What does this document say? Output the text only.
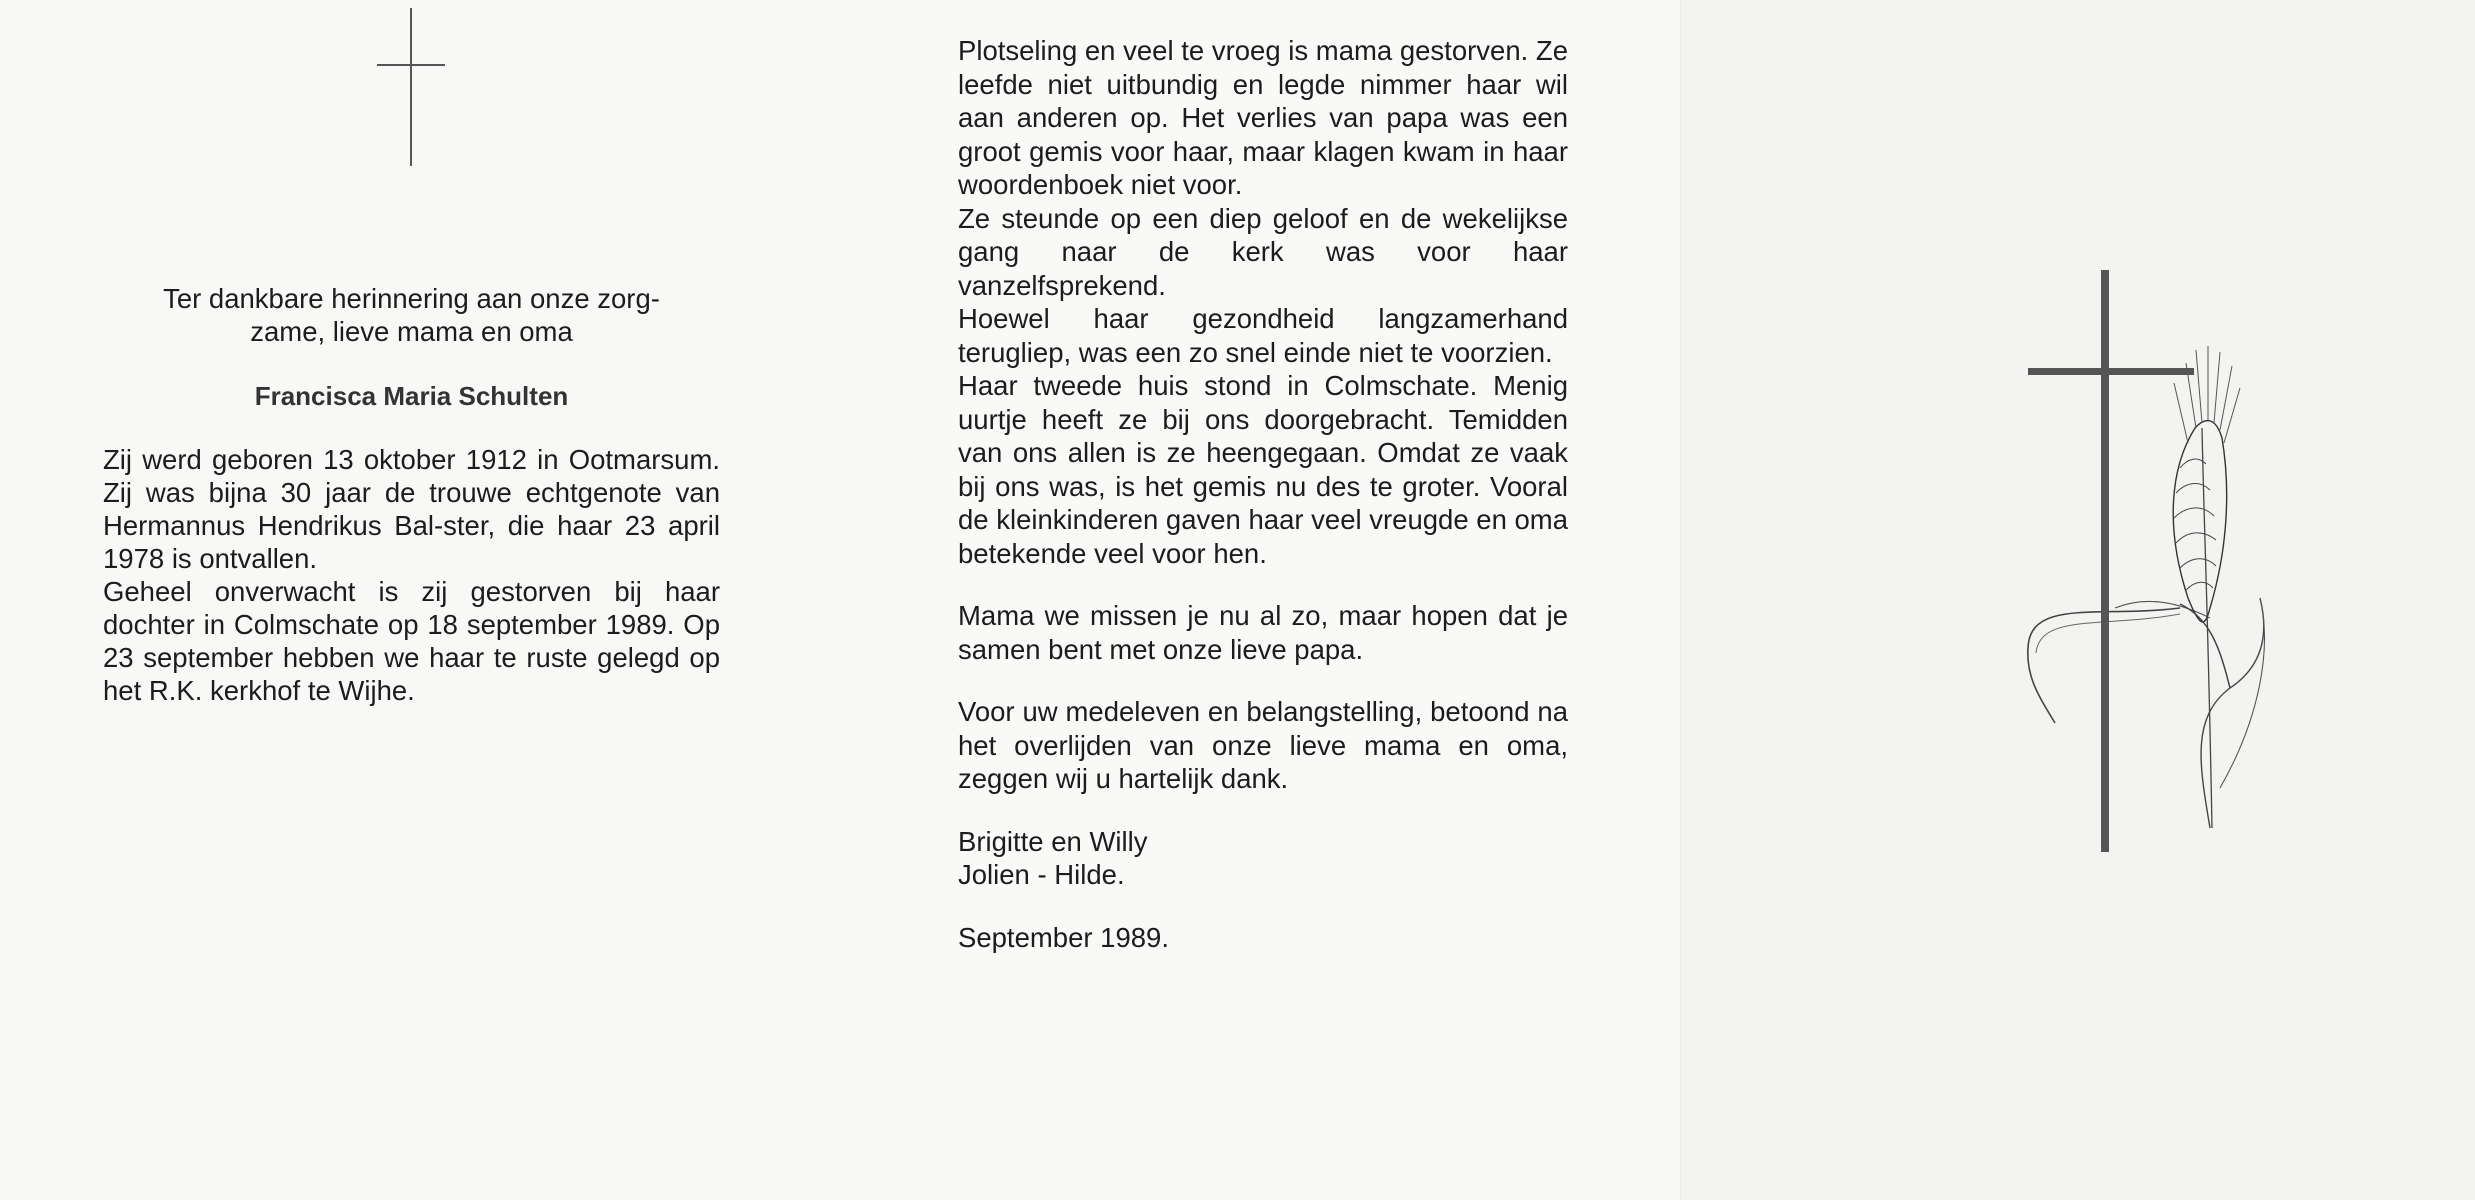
Ter dankbare herinnering aan onze zorg-
zame, lieve mama en oma
Francisca Maria Schulten

Zij werd geboren 13 oktober 1912 in Ootmarsum. Zij was bijna 30 jaar de trouwe echtgenote van Hermannus Hendrikus Bal-ster, die haar 23 april 1978 is ontvallen.

Geheel onverwacht is zij gestorven bij haar dochter in Colmschate op 18 september 1989. Op 23 september hebben we haar te ruste gelegd op het R.K. kerkhof te Wijhe.

Plotseling en veel te vroeg is mama gestorven. Ze leefde niet uitbundig en legde nimmer haar wil aan anderen op. Het verlies van papa was een groot gemis voor haar, maar klagen kwam in haar woordenboek niet voor.

Ze steunde op een diep geloof en de wekelijkse gang naar de kerk was voor haar vanzelfsprekend.

Hoewel haar gezondheid langzamerhand terugliep, was een zo snel einde niet te voorzien.

Haar tweede huis stond in Colmschate. Menig uurtje heeft ze bij ons doorgebracht. Temidden van ons allen is ze heengegaan. Omdat ze vaak bij ons was, is het gemis nu des te groter. Vooral de kleinkinderen gaven haar veel vreugde en oma betekende veel voor hen.

Mama we missen je nu al zo, maar hopen dat je samen bent met onze lieve papa.

Voor uw medeleven en belangstelling, betoond na het overlijden van onze lieve mama en oma, zeggen wij u hartelijk dank.

Brigitte en Willy
Jolien - Hilde.
September 1989.
